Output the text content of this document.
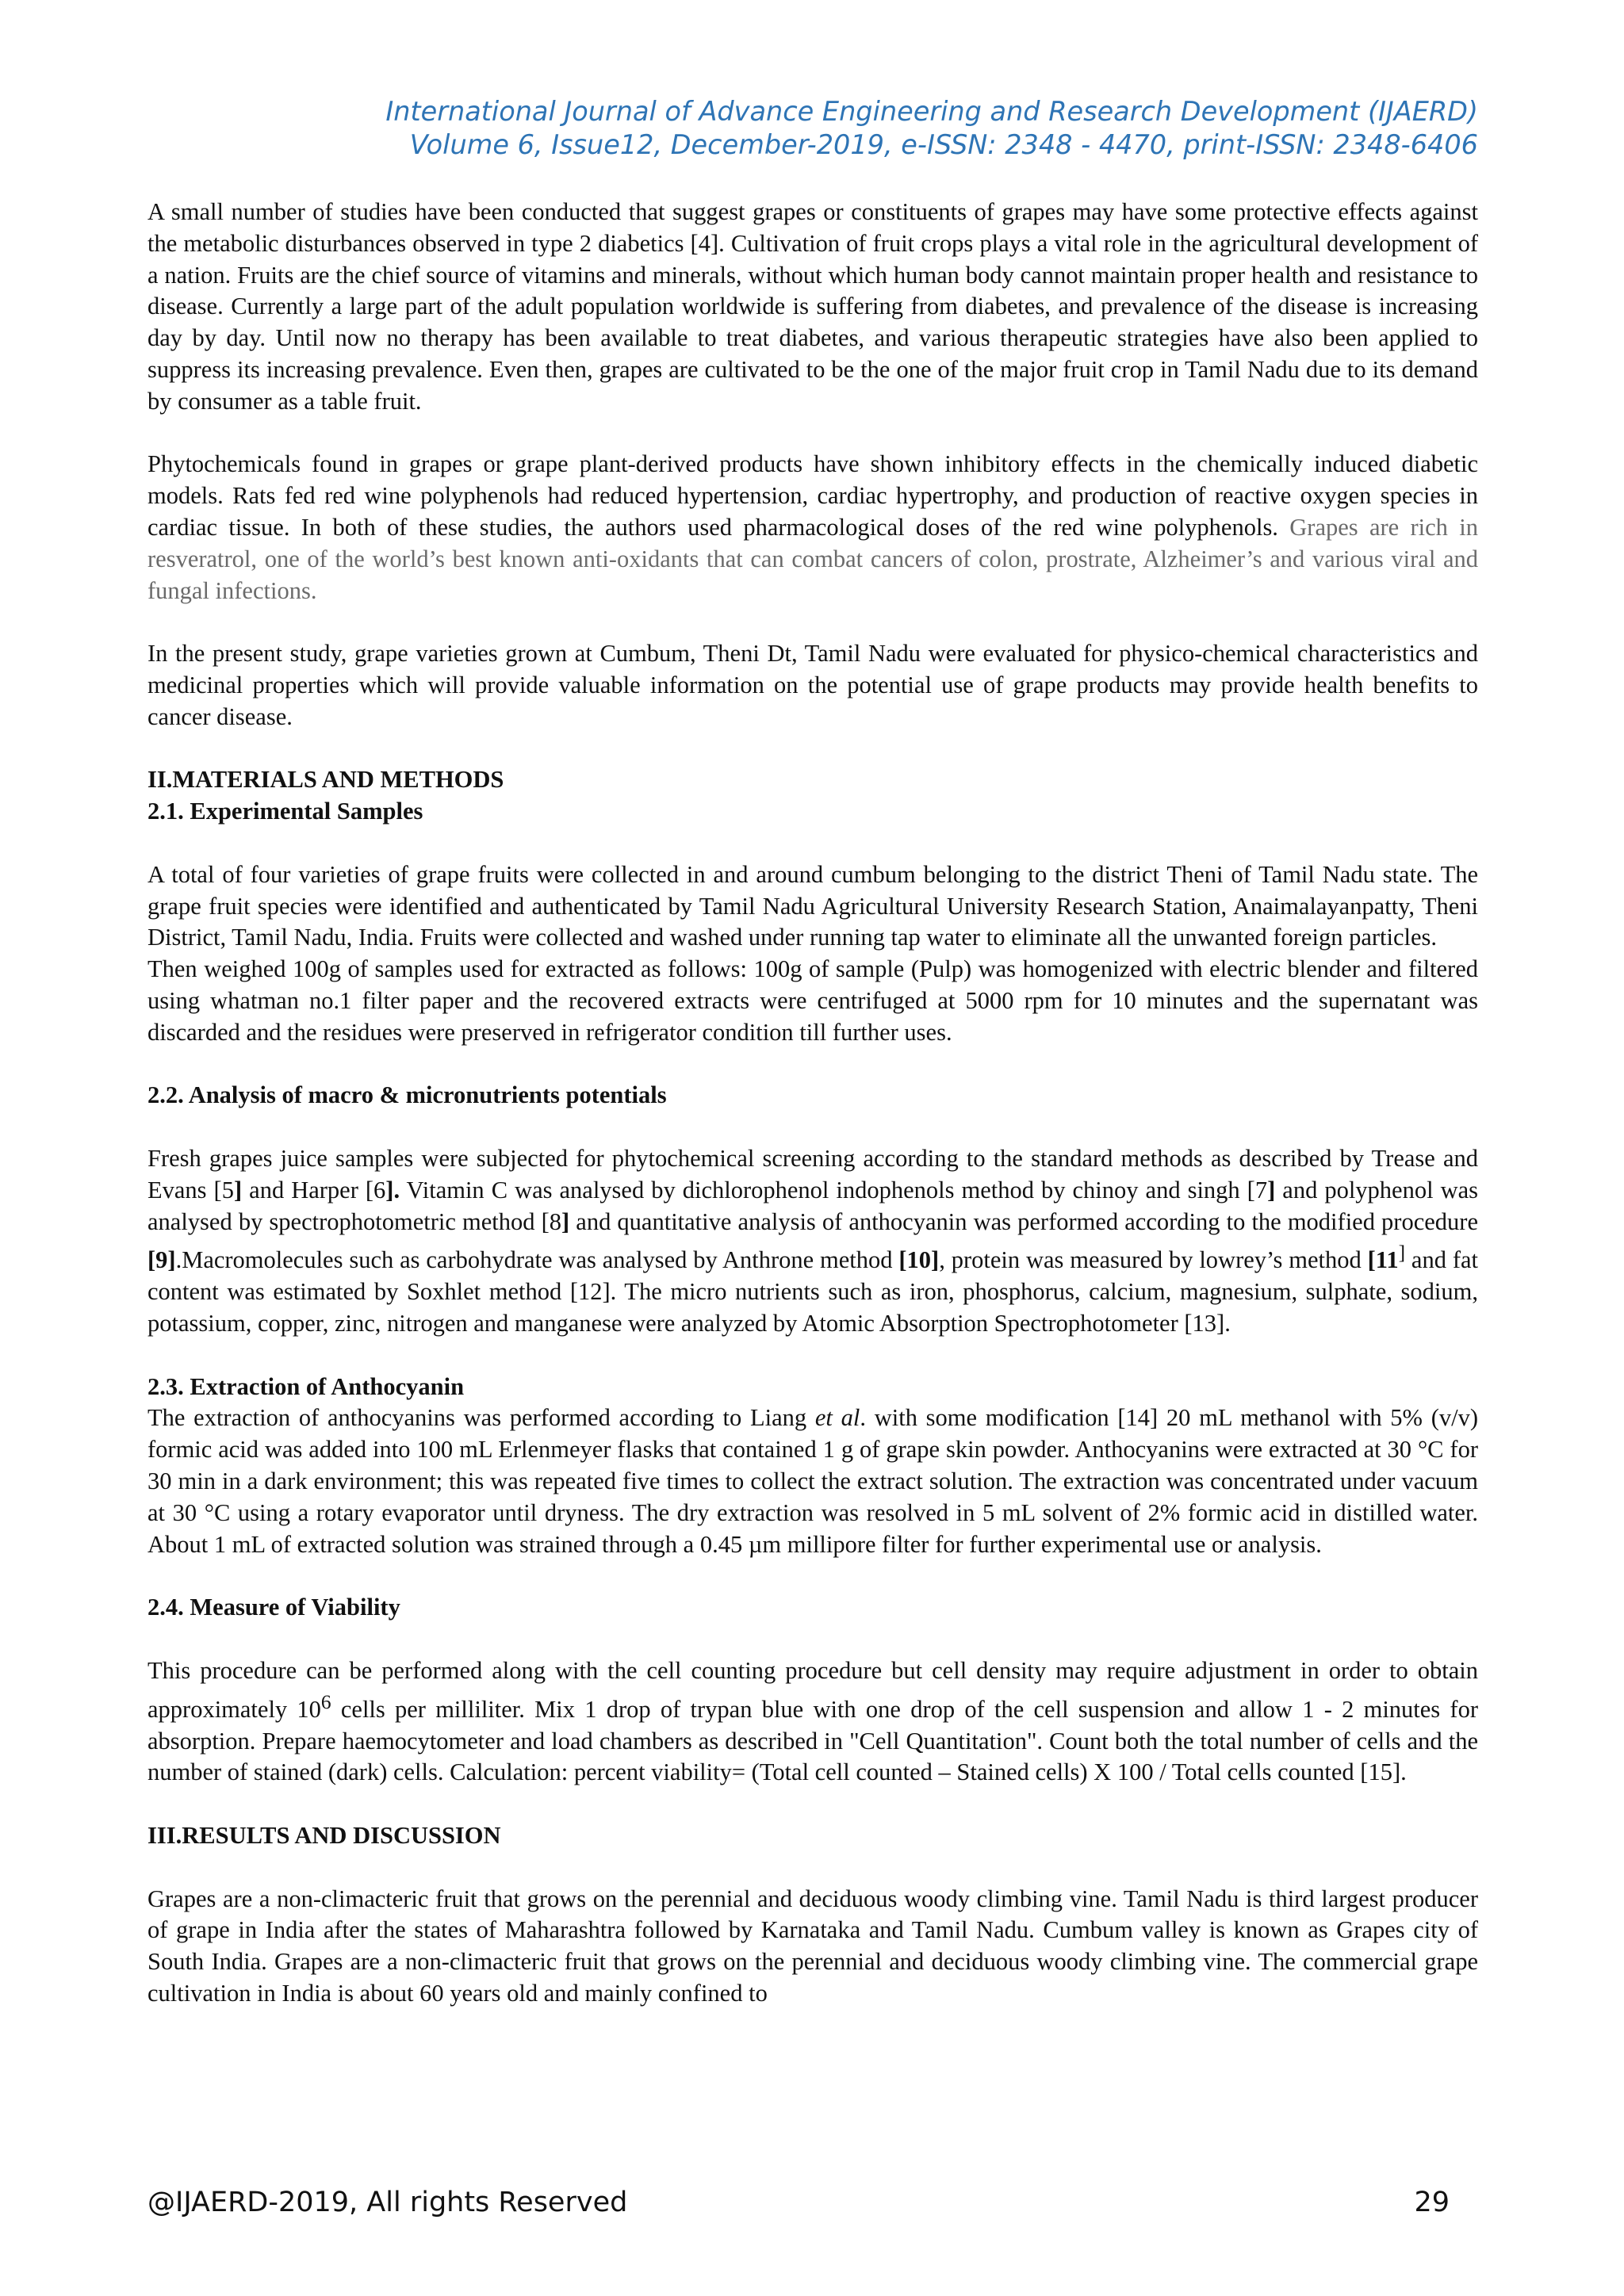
International Journal of Advance Engineering and Research Development (IJAERD)
Volume 6, Issue12, December-2019, e-ISSN: 2348 - 4470, print-ISSN: 2348-6406

A small number of studies have been conducted that suggest grapes or constituents of grapes may have some protective effects against the metabolic disturbances observed in type 2 diabetics [4]. Cultivation of fruit crops plays a vital role in the agricultural development of a nation. Fruits are the chief source of vitamins and minerals, without which human body cannot maintain proper health and resistance to disease. Currently a large part of the adult population worldwide is suffering from diabetes, and prevalence of the disease is increasing day by day. Until now no therapy has been available to treat diabetes, and various therapeutic strategies have also been applied to suppress its increasing prevalence. Even then, grapes are cultivated to be the one of the major fruit crop in Tamil Nadu due to its demand by consumer as a table fruit.

Phytochemicals found in grapes or grape plant-derived products have shown inhibitory effects in the chemically induced diabetic models. Rats fed red wine polyphenols had reduced hypertension, cardiac hypertrophy, and production of reactive oxygen species in cardiac tissue. In both of these studies, the authors used pharmacological doses of the red wine polyphenols. Grapes are rich in resveratrol, one of the world’s best known anti-oxidants that can combat cancers of colon, prostrate, Alzheimer’s and various viral and fungal infections.

In the present study, grape varieties grown at Cumbum, Theni Dt, Tamil Nadu were evaluated for physico-chemical characteristics and medicinal properties which will provide valuable information on the potential use of grape products may provide health benefits to cancer disease.

II.MATERIALS AND METHODS

2.1. Experimental Samples

A total of four varieties of grape fruits were collected in and around cumbum belonging to the district Theni of Tamil Nadu state. The grape fruit species were identified and authenticated by Tamil Nadu Agricultural University Research Station, Anaimalayanpatty, Theni District, Tamil Nadu, India. Fruits were collected and washed under running tap water to eliminate all the unwanted foreign particles.

Then weighed 100g of samples used for extracted as follows: 100g of sample (Pulp) was homogenized with electric blender and filtered using whatman no.1 filter paper and the recovered extracts were centrifuged at 5000 rpm for 10 minutes and the supernatant was discarded and the residues were preserved in refrigerator condition till further uses.

2.2. Analysis of macro & micronutrients potentials

Fresh grapes juice samples were subjected for phytochemical screening according to the standard methods as described by Trease and Evans [5] and Harper [6]. Vitamin C was analysed by dichlorophenol indophenols method by chinoy and singh [7] and polyphenol was analysed by spectrophotometric method [8] and quantitative analysis of anthocyanin was performed according to the modified procedure [9].Macromolecules such as carbohydrate was analysed by Anthrone method [10], protein was measured by lowrey’s method [11] and fat content was estimated by Soxhlet method [12]. The micro nutrients such as iron, phosphorus, calcium, magnesium, sulphate, sodium, potassium, copper, zinc, nitrogen and manganese were analyzed by Atomic Absorption Spectrophotometer [13].

2.3. Extraction of Anthocyanin

The extraction of anthocyanins was performed according to Liang et al. with some modification [14] 20 mL methanol with 5% (v/v) formic acid was added into 100 mL Erlenmeyer flasks that contained 1 g of grape skin powder. Anthocyanins were extracted at 30 °C for 30 min in a dark environment; this was repeated five times to collect the extract solution. The extraction was concentrated under vacuum at 30 °C using a rotary evaporator until dryness. The dry extraction was resolved in 5 mL solvent of 2% formic acid in distilled water. About 1 mL of extracted solution was strained through a 0.45 µm millipore filter for further experimental use or analysis.

2.4. Measure of Viability

This procedure can be performed along with the cell counting procedure but cell density may require adjustment in order to obtain approximately $10^6$ cells per milliliter. Mix 1 drop of trypan blue with one drop of the cell suspension and allow 1 - 2 minutes for absorption. Prepare haemocytometer and load chambers as described in "Cell Quantitation". Count both the total number of cells and the number of stained (dark) cells. Calculation: percent viability= (Total cell counted – Stained cells) X 100 / Total cells counted [15].

III.RESULTS AND DISCUSSION

Grapes are a non-climacteric fruit that grows on the perennial and deciduous woody climbing vine. Tamil Nadu is third largest producer of grape in India after the states of Maharashtra followed by Karnataka and Tamil Nadu. Cumbum valley is known as Grapes city of South India. Grapes are a non-climacteric fruit that grows on the perennial and deciduous woody climbing vine. The commercial grape cultivation in India is about 60 years old and mainly confined to

@IJAERD-2019, All rights Reserved	29
